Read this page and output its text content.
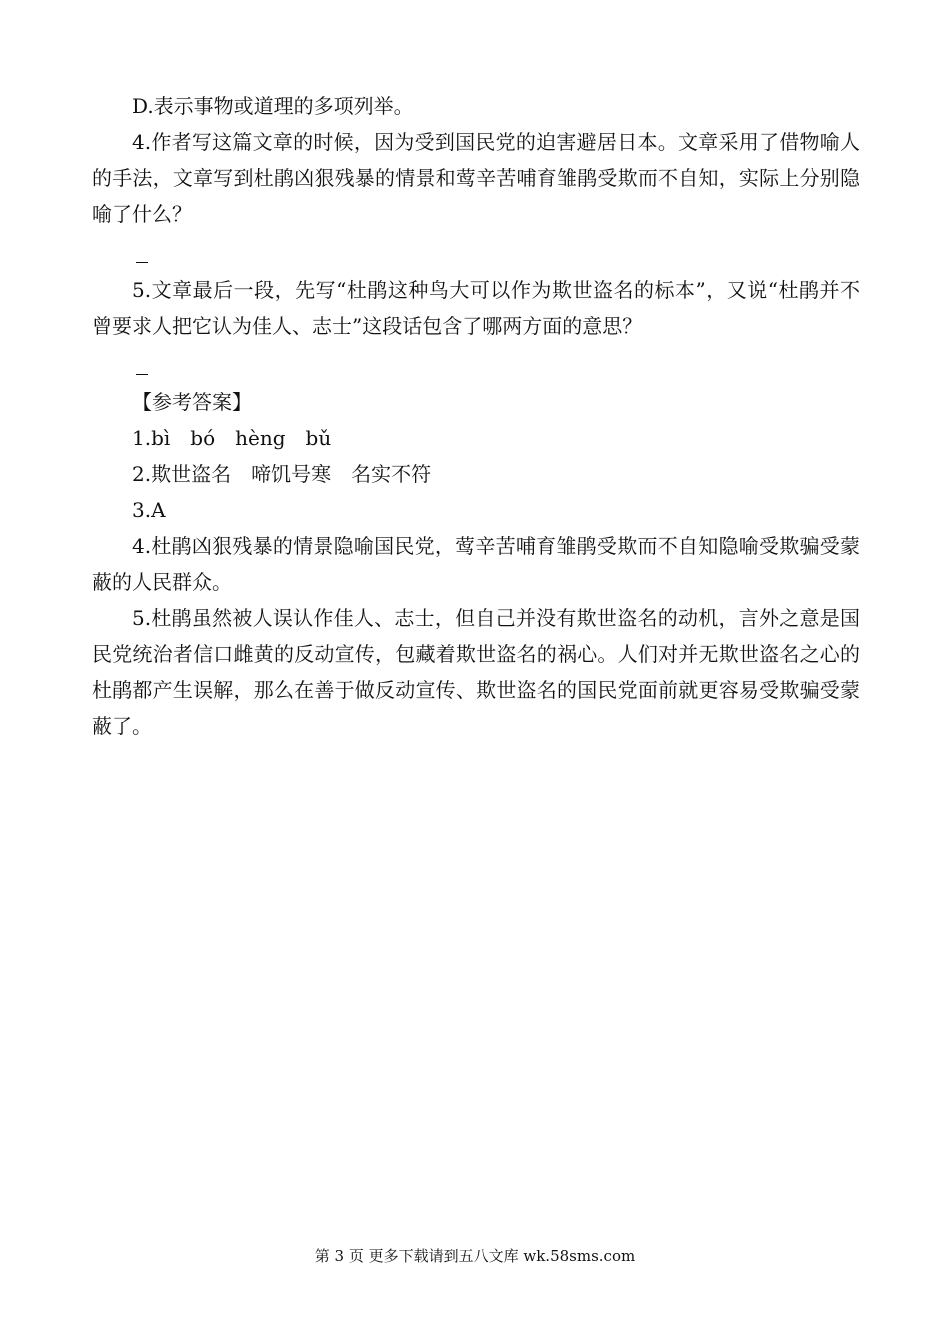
D.表示事物或道理的多项列举。

4.作者写这篇文章的时候，因为受到国民党的迫害避居日本。文章采用了借物喻人的手法，文章写到杜鹃凶狠残暴的情景和莺辛苦哺育雏鹃受欺而不自知，实际上分别隐喻了什么？

5.文章最后一段，先写“杜鹃这种鸟大可以作为欺世盗名的标本”，又说“杜鹃并不曾要求人把它认为佳人、志士”这段话包含了哪两方面的意思？

【参考答案】

1.bì　bó　hèng　bǔ

2.欺世盗名　啼饥号寒　名实不符

3.A

4.杜鹃凶狠残暴的情景隐喻国民党，莺辛苦哺育雏鹃受欺而不自知隐喻受欺骗受蒙蔽的人民群众。

5.杜鹃虽然被人误认作佳人、志士，但自己并没有欺世盗名的动机，言外之意是国民党统治者信口雌黄的反动宣传，包藏着欺世盗名的祸心。人们对并无欺世盗名之心的杜鹃都产生误解，那么在善于做反动宣传、欺世盗名的国民党面前就更容易受欺骗受蒙蔽了。

第 3 页 更多下载请到五八文库 wk.58sms.com
